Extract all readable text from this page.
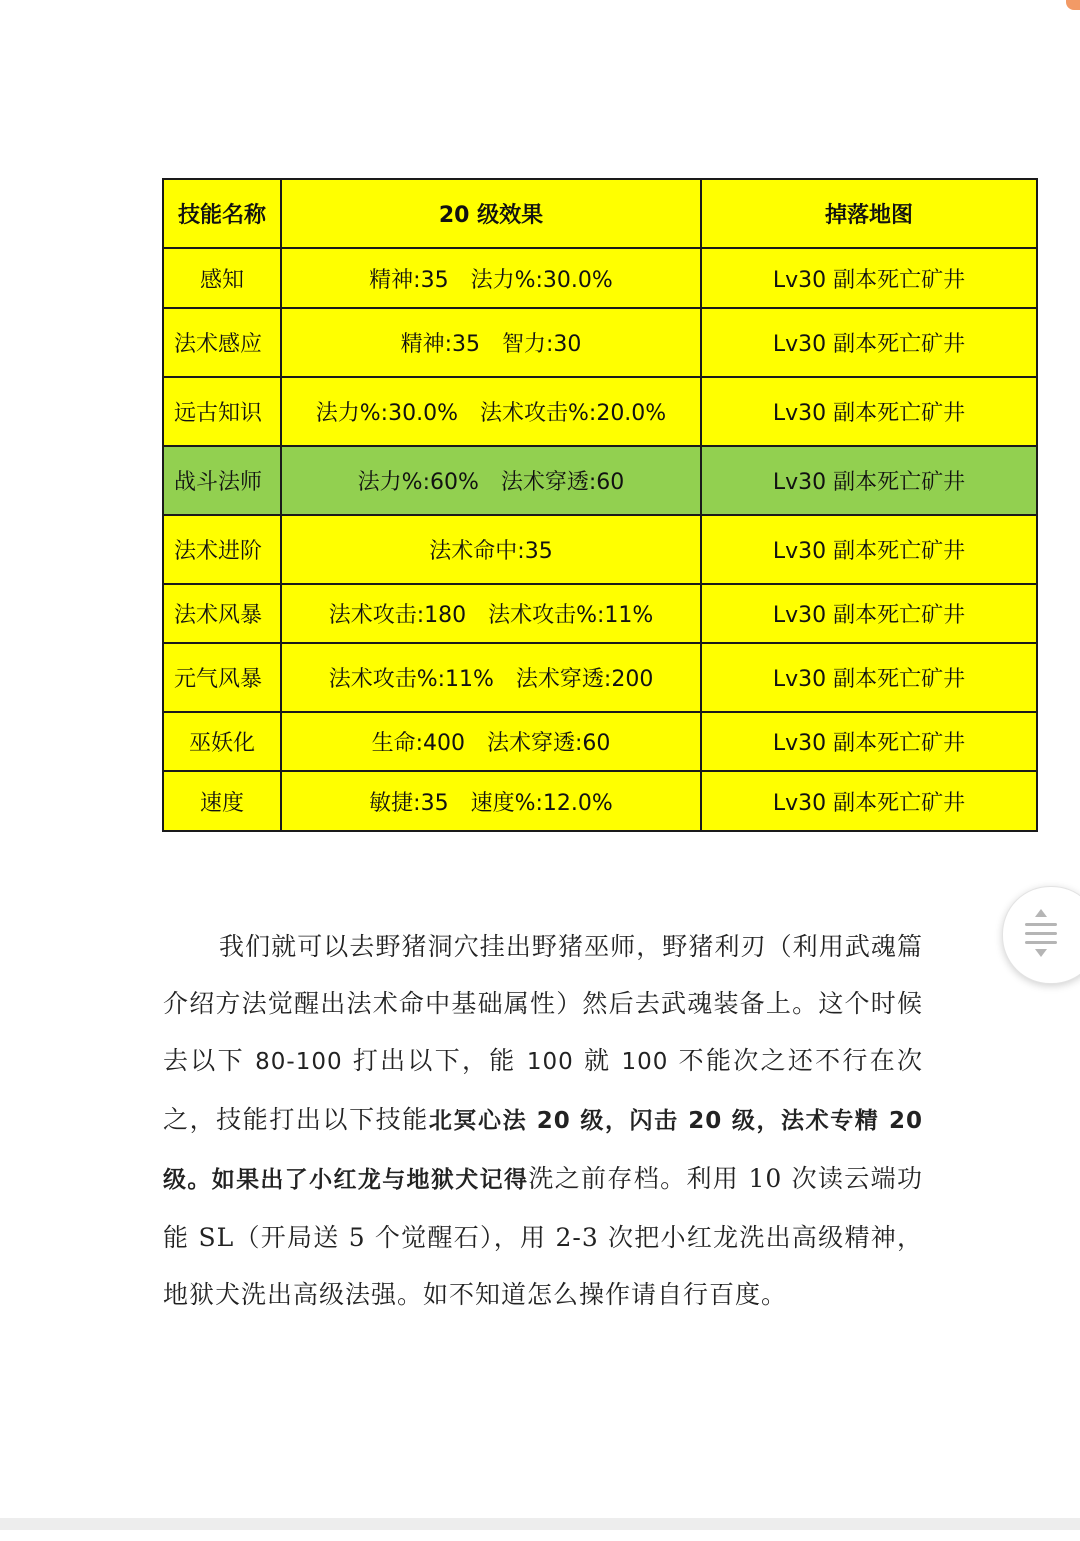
技能名称	20 级效果	掉落地图
感知	精神:35 法力%:30.0%	Lv30 副本死亡矿井
法术感应	精神:35 智力:30	Lv30 副本死亡矿井
远古知识	法力%:30.0% 法术攻击%:20.0%	Lv30 副本死亡矿井
战斗法师	法力%:60% 法术穿透:60	Lv30 副本死亡矿井
法术进阶	法术命中:35	Lv30 副本死亡矿井
法术风暴	法术攻击:180 法术攻击%:11%	Lv30 副本死亡矿井
元气风暴	法术攻击%:11% 法术穿透:200	Lv30 副本死亡矿井
巫妖化	生命:400 法术穿透:60	Lv30 副本死亡矿井
速度	敏捷:35 速度%:12.0%	Lv30 副本死亡矿井

我们就可以去野猪洞穴挂出野猪巫师，野猪利刃（利用武魂篇介绍方法觉醒出法术命中基础属性）然后去武魂装备上。这个时候去以下 80-100 打出以下，能 100 就 100 不能次之还不行在次之，技能打出以下技能北冥心法 20 级，闪击 20 级，法术专精 20 级。如果出了小红龙与地狱犬记得洗之前存档。利用 10 次读云端功能 SL（开局送 5 个觉醒石），用 2-3 次把小红龙洗出高级精神，地狱犬洗出高级法强。如不知道怎么操作请自行百度。
